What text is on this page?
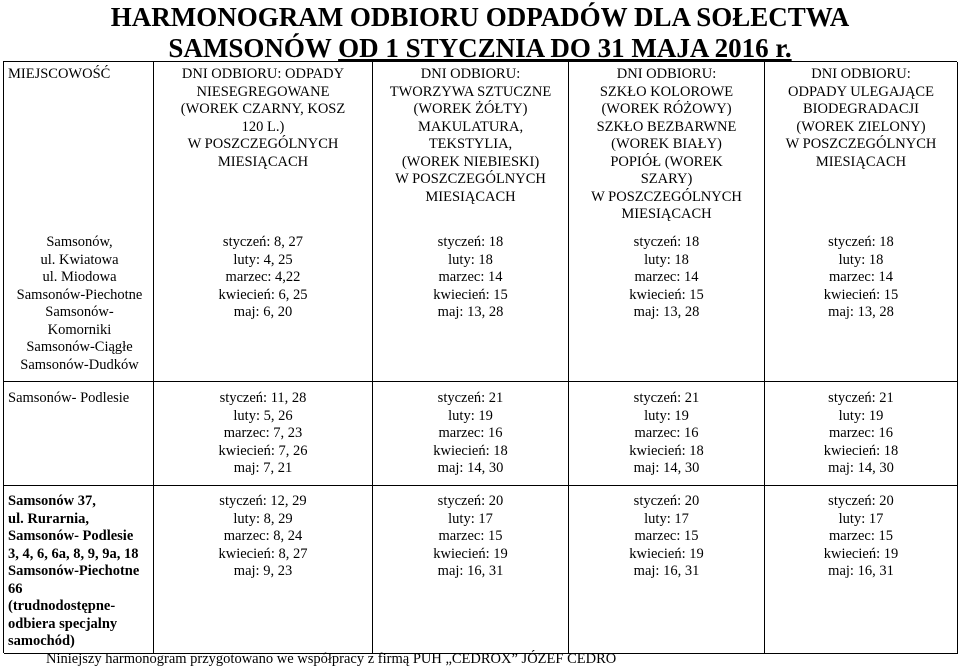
HARMONOGRAM ODBIORU ODPADÓW DLA SOŁECTWA
SAMSONÓW OD 1 STYCZNIA DO 31 MAJA 2016 r.
MIEJSCOWOŚĆ
Samsonów,
ul. Kwiatowa
ul. Miodowa
Samsonów-Piechotne
Samsonów-
Komorniki
Samsonów-Ciągłe
Samsonów-Dudków
DNI ODBIORU: ODPADY
NIESEGREGOWANE
(WOREK CZARNY, KOSZ
120 L.)
W POSZCZEGÓLNYCH
MIESIĄCACH
styczeń: 8, 27
luty: 4, 25
marzec: 4,22
kwiecień: 6, 25
maj: 6, 20
DNI ODBIORU:
TWORZYWA SZTUCZNE
(WOREK ŻÓŁTY)
MAKULATURA,
TEKSTYLIA,
(WOREK NIEBIESKI)
W POSZCZEGÓLNYCH
MIESIĄCACH
styczeń: 18
luty: 18
marzec: 14
kwiecień: 15
maj: 13, 28
DNI ODBIORU:
SZKŁO KOLOROWE
(WOREK RÓŻOWY)
SZKŁO BEZBARWNE
(WOREK BIAŁY)
POPIÓŁ (WOREK
SZARY)
W POSZCZEGÓLNYCH
MIESIĄCACH
styczeń: 18
luty: 18
marzec: 14
kwiecień: 15
maj: 13, 28
DNI ODBIORU:
ODPADY ULEGAJĄCE
BIODEGRADACJI
(WOREK ZIELONY)
W POSZCZEGÓLNYCH
MIESIĄCACH
styczeń: 18
luty: 18
marzec: 14
kwiecień: 15
maj: 13, 28
Samsonów- Podlesie	styczeń: 11, 28
luty: 5, 26
marzec: 7, 23
kwiecień: 7, 26
maj: 7, 21
styczeń: 21
luty: 19
marzec: 16
kwiecień: 18
maj: 14, 30
styczeń: 21
luty: 19
marzec: 16
kwiecień: 18
maj: 14, 30
styczeń: 21
luty: 19
marzec: 16
kwiecień: 18
maj: 14, 30
Samsonów 37,
ul. Rurarnia,
Samsonów- Podlesie
3, 4, 6, 6a, 8, 9, 9a, 18
Samsonów-Piechotne
66
(trudnodostępne-
odbiera specjalny
samochód)
styczeń: 12, 29
luty: 8, 29
marzec: 8, 24
kwiecień: 8, 27
maj: 9, 23
styczeń: 20
luty: 17
marzec: 15
kwiecień: 19
maj: 16, 31
styczeń: 20
luty: 17
marzec: 15
kwiecień: 19
maj: 16, 31
styczeń: 20
luty: 17
marzec: 15
kwiecień: 19
maj: 16, 31
Niniejszy harmonogram przygotowano we współpracy z firmą PUH „CEDROX” JÓZEF CEDRO
